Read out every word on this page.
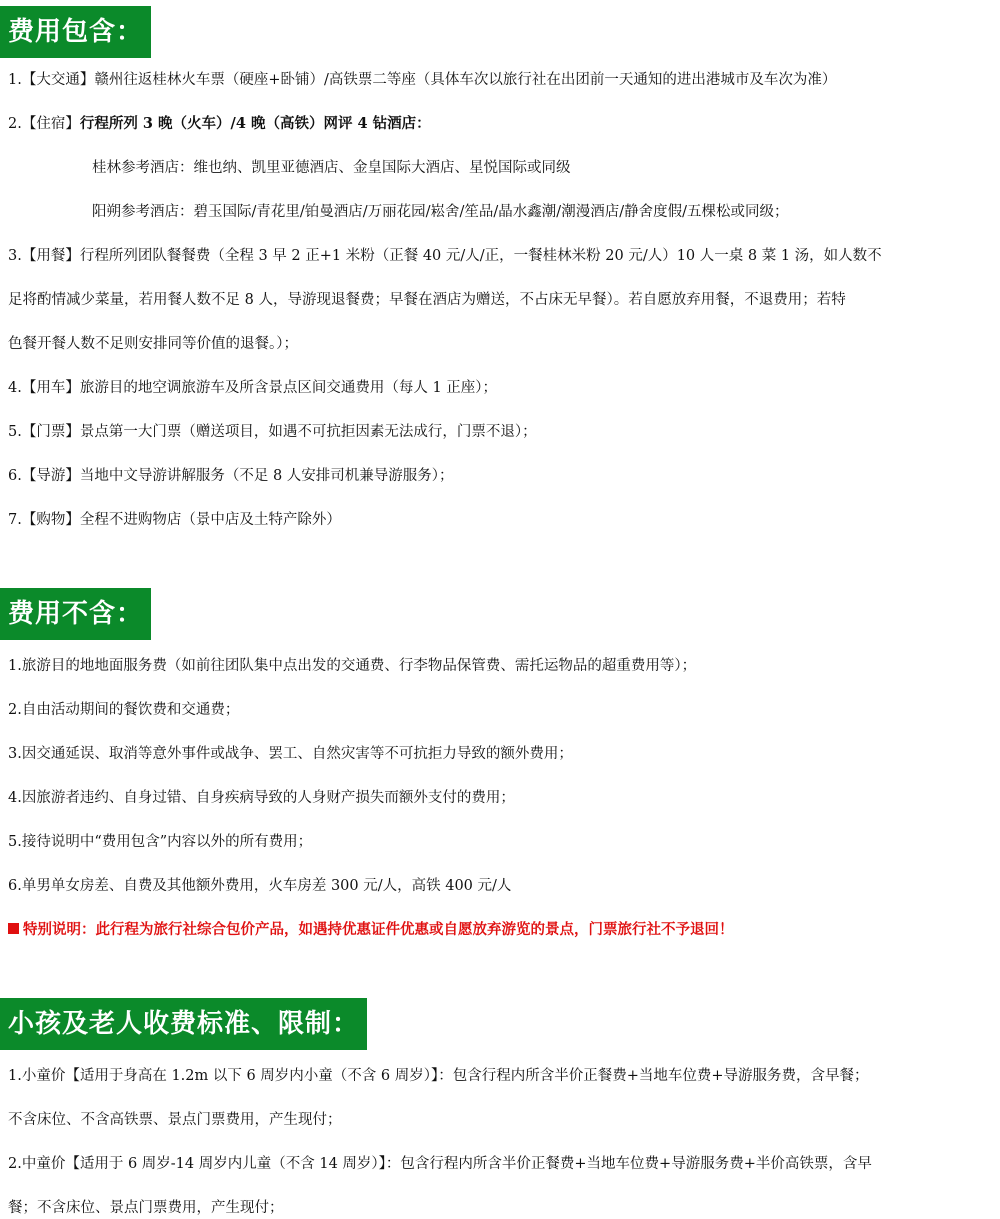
费用包含：
1.【大交通】赣州往返桂林火车票（硬座+卧铺）/高铁票二等座（具体车次以旅行社在出团前一天通知的进出港城市及车次为准）
2.【住宿】行程所列 3 晚（火车）/4 晚（高铁）网评 4 钻酒店：
桂林参考酒店：维也纳、凯里亚德酒店、金皇国际大酒店、星悦国际或同级
阳朔参考酒店：碧玉国际/青花里/铂曼酒店/万丽花园/崧舍/笙品/晶水鑫潮/潮漫酒店/静舍度假/五棵松或同级；
3.【用餐】行程所列团队餐餐费（全程 3 早 2 正+1 米粉（正餐 40 元/人/正，一餐桂林米粉 20 元/人）10 人一桌 8 菜 1 汤，如人数不
足将酌情减少菜量，若用餐人数不足 8 人，导游现退餐费；早餐在酒店为赠送，不占床无早餐）。若自愿放弃用餐，不退费用；若特
色餐开餐人数不足则安排同等价值的退餐。）；
4.【用车】旅游目的地空调旅游车及所含景点区间交通费用（每人 1 正座）；
5.【门票】景点第一大门票（赠送项目，如遇不可抗拒因素无法成行，门票不退）；
6.【导游】当地中文导游讲解服务（不足 8 人安排司机兼导游服务）；
7.【购物】全程不进购物店（景中店及土特产除外）
费用不含：
1.旅游目的地地面服务费（如前往团队集中点出发的交通费、行李物品保管费、需托运物品的超重费用等）；
2.自由活动期间的餐饮费和交通费；
3.因交通延误、取消等意外事件或战争、罢工、自然灾害等不可抗拒力导致的额外费用；
4.因旅游者违约、自身过错、自身疾病导致的人身财产损失而额外支付的费用；
5.接待说明中“费用包含”内容以外的所有费用；
6.单男单女房差、自费及其他额外费用，火车房差 300 元/人，高铁 400 元/人
特别说明：此行程为旅行社综合包价产品，如遇持优惠证件优惠或自愿放弃游览的景点，门票旅行社不予退回！
小孩及老人收费标准、限制：
1.小童价【适用于身高在 1.2m 以下 6 周岁内小童（不含 6 周岁）】：包含行程内所含半价正餐费+当地车位费+导游服务费，含早餐；
不含床位、不含高铁票、景点门票费用，产生现付；
2.中童价【适用于 6 周岁-14 周岁内儿童（不含 14 周岁）】：包含行程内所含半价正餐费+当地车位费+导游服务费+半价高铁票，含早
餐；不含床位、景点门票费用，产生现付；
